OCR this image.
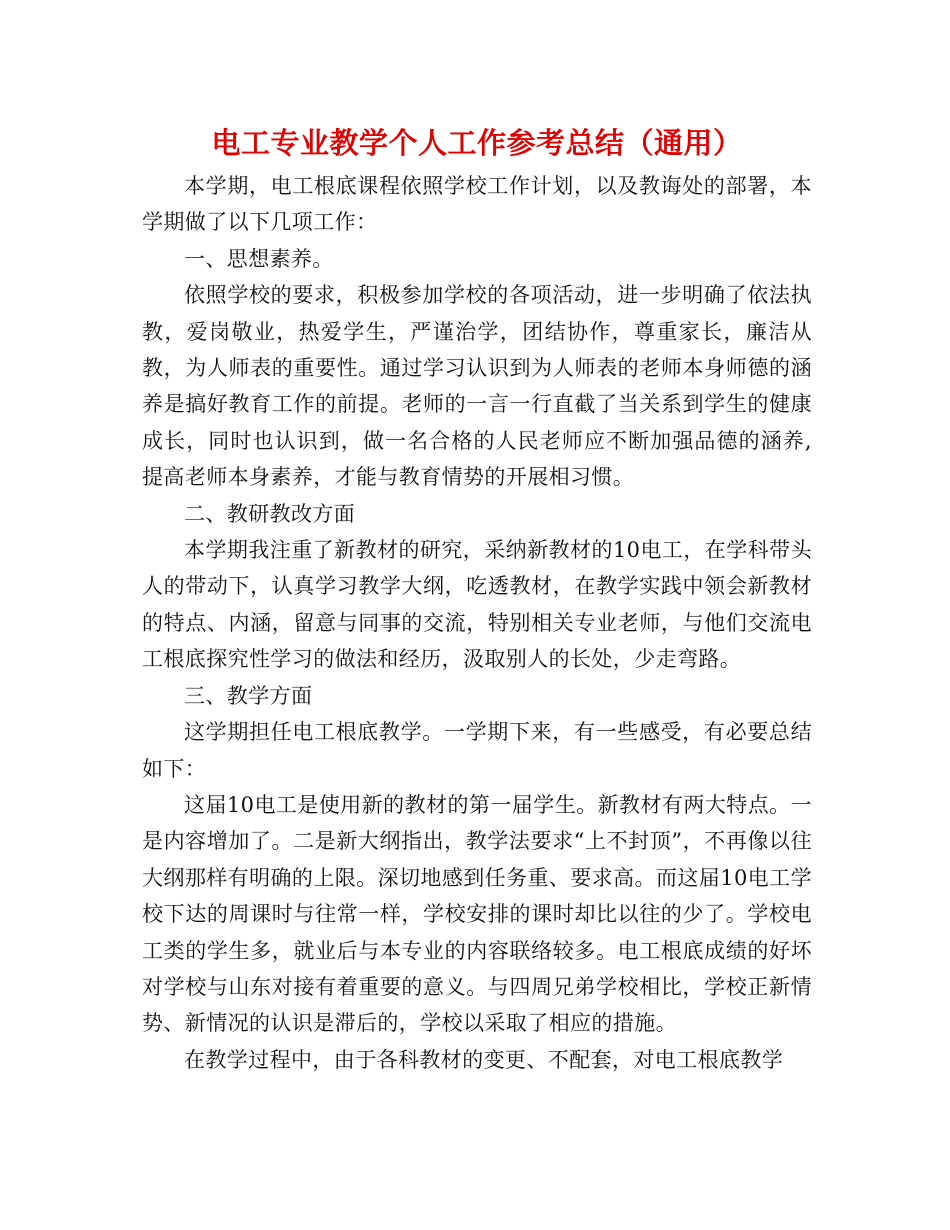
电工专业教学个人工作参考总结（通用）

本学期，电工根底课程依照学校工作计划，以及教诲处的部署，本学期做了以下几项工作：

一、思想素养。

依照学校的要求，积极参加学校的各项活动，进一步明确了依法执教，爱岗敬业，热爱学生，严谨治学，团结协作，尊重家长，廉洁从教，为人师表的重要性。通过学习认识到为人师表的老师本身师德的涵养是搞好教育工作的前提。老师的一言一行直截了当关系到学生的健康成长，同时也认识到，做一名合格的人民老师应不断加强品德的涵养,提高老师本身素养，才能与教育情势的开展相习惯。

二、教研教改方面

本学期我注重了新教材的研究，采纳新教材的10电工，在学科带头人的带动下，认真学习教学大纲，吃透教材，在教学实践中领会新教材的特点、内涵，留意与同事的交流，特别相关专业老师，与他们交流电工根底探究性学习的做法和经历，汲取别人的长处，少走弯路。

三、教学方面

这学期担任电工根底教学。一学期下来，有一些感受，有必要总结如下：

这届10电工是使用新的教材的第一届学生。新教材有两大特点。一是内容增加了。二是新大纲指出，教学法要求“上不封顶”，不再像以往大纲那样有明确的上限。深切地感到任务重、要求高。而这届10电工学校下达的周课时与往常一样，学校安排的课时却比以往的少了。学校电工类的学生多，就业后与本专业的内容联络较多。电工根底成绩的好坏对学校与山东对接有着重要的意义。与四周兄弟学校相比，学校正新情势、新情况的认识是滞后的，学校以采取了相应的措施。

在教学过程中，由于各科教材的变更、不配套，对电工根底教学
